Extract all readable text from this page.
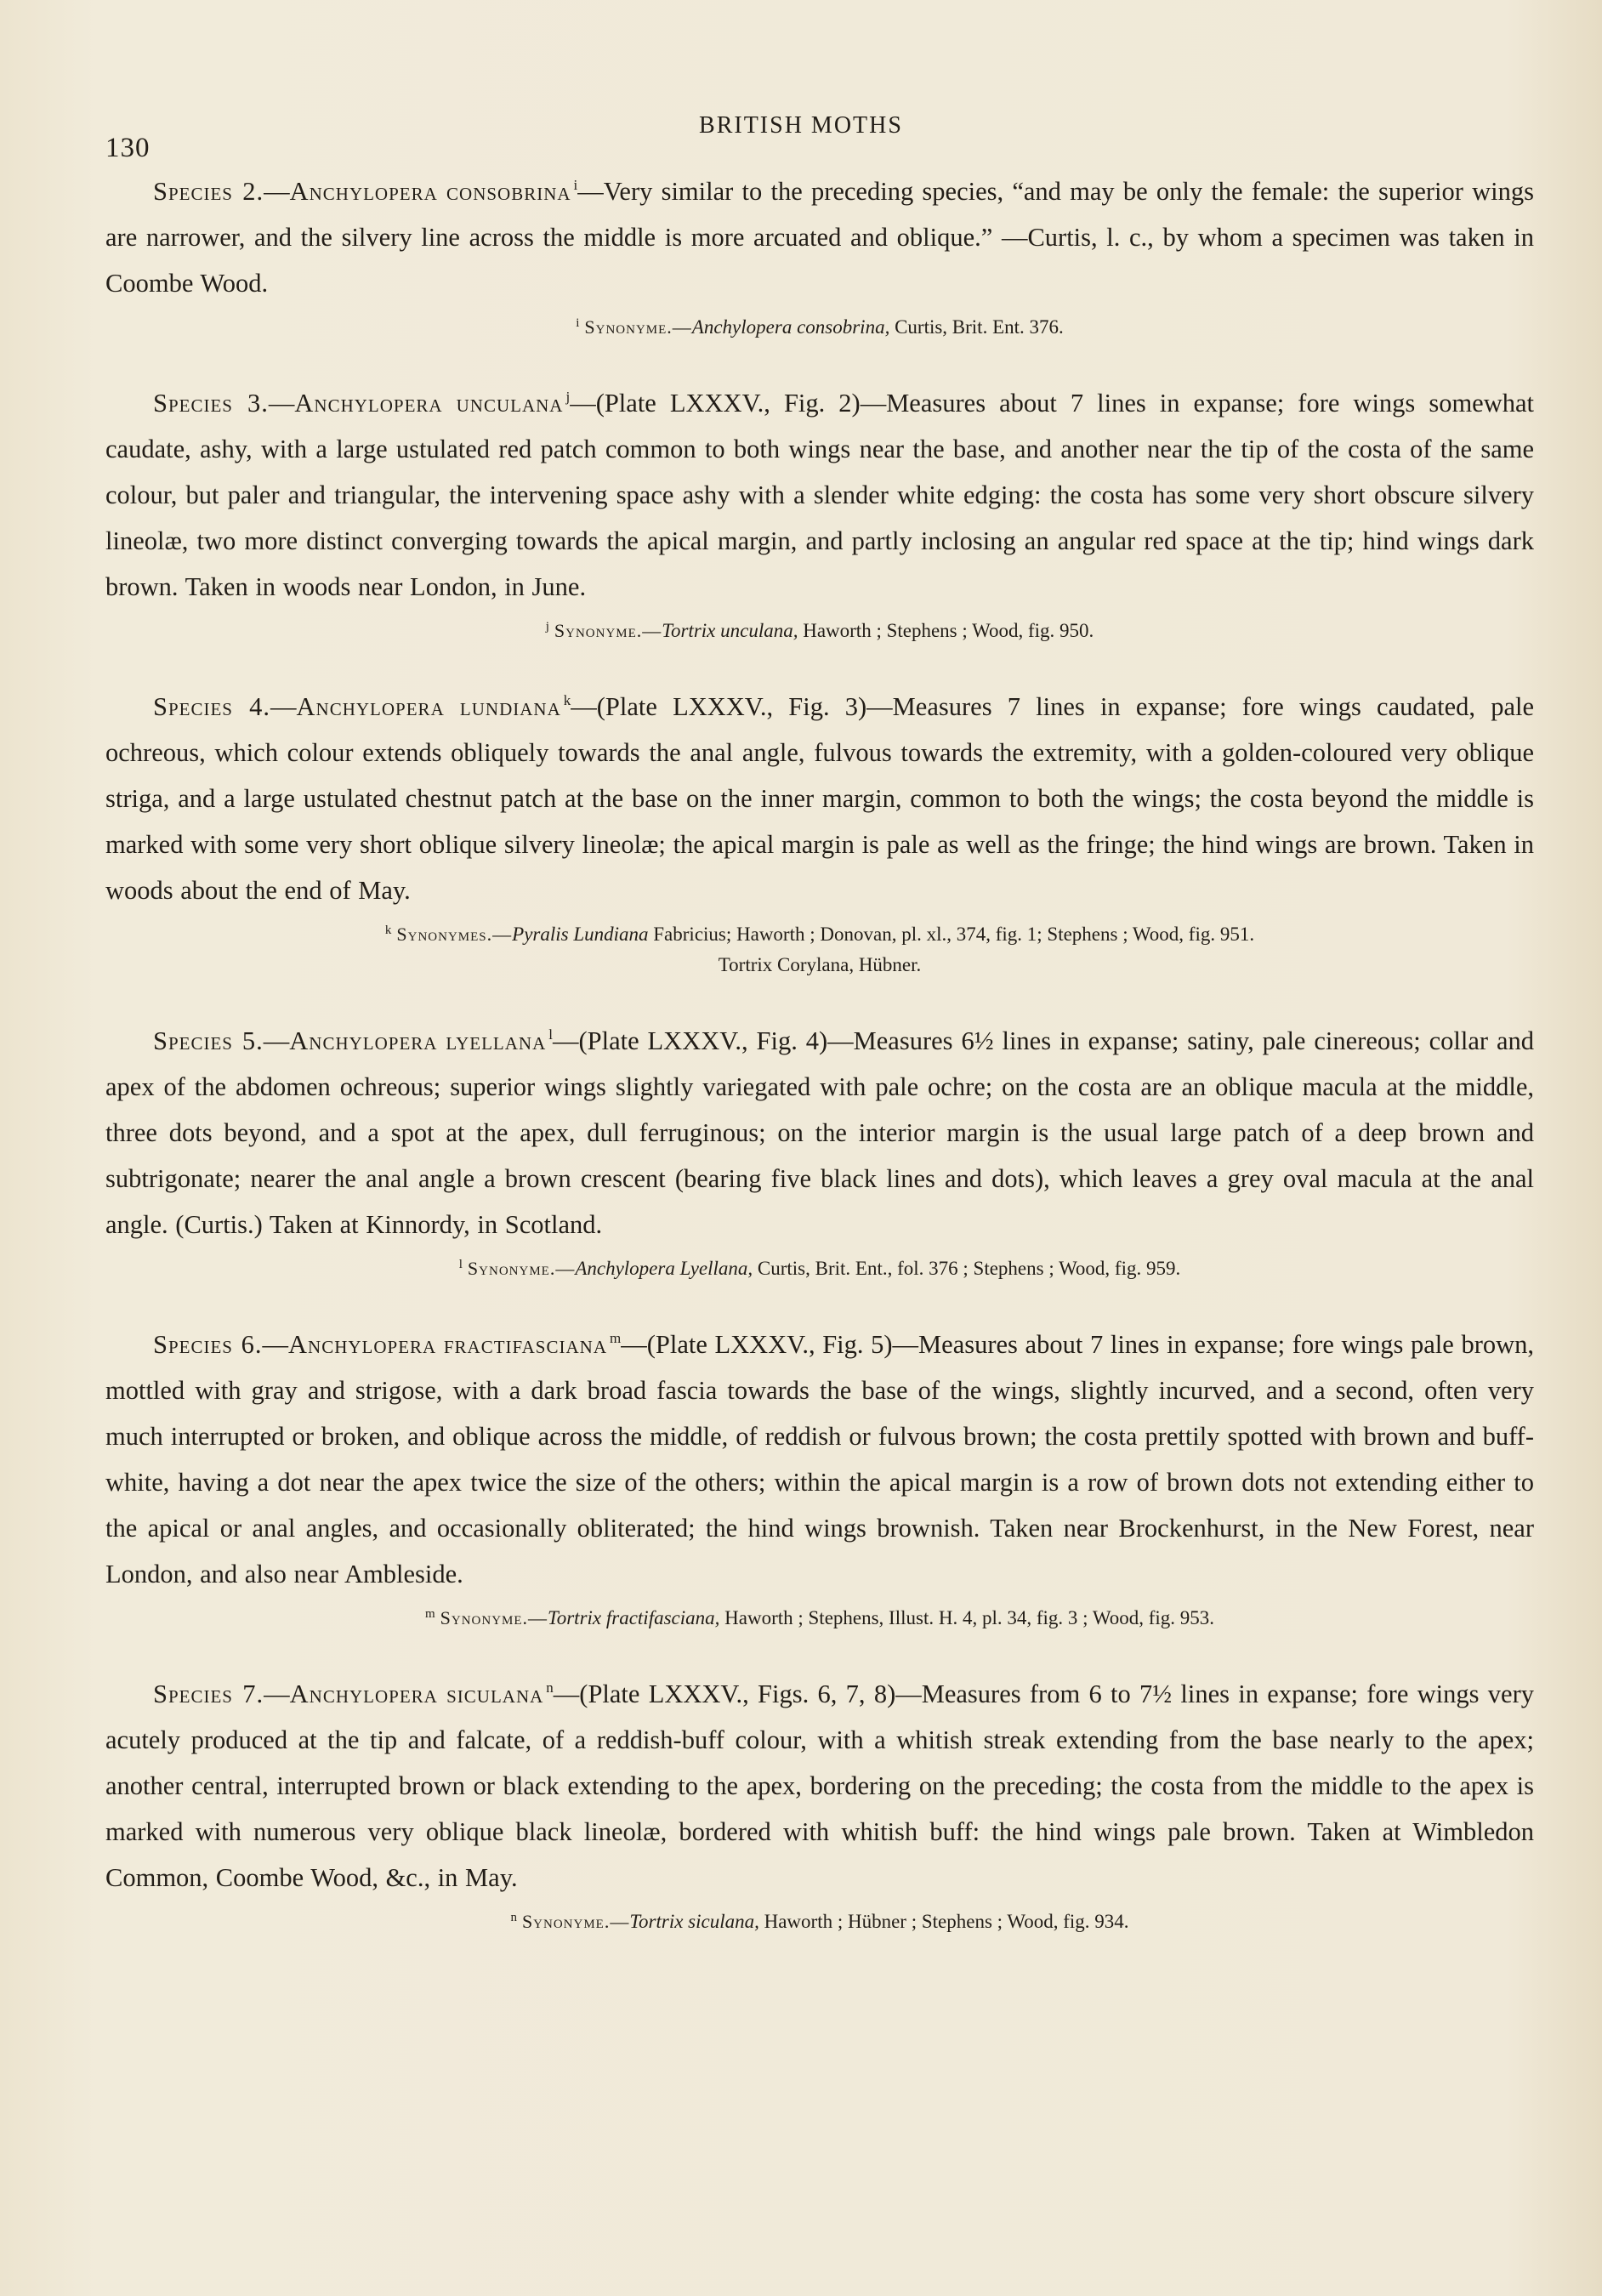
130
BRITISH MOTHS

Species 2.—Anchylopera consobrina $^i$—Very similar to the preceding species, “and may be only the female: the superior wings are narrower, and the silvery line across the middle is more arcuated and oblique.” —Curtis, l. c., by whom a specimen was taken in Coombe Wood.

$^i$ Synonyme.—Anchylopera consobrina, Curtis, Brit. Ent. 376.

Species 3.—Anchylopera unculana $^j$—(Plate LXXXV., Fig. 2)—Measures about 7 lines in expanse; fore wings somewhat caudate, ashy, with a large ustulated red patch common to both wings near the base, and another near the tip of the costa of the same colour, but paler and triangular, the intervening space ashy with a slender white edging: the costa has some very short obscure silvery lineolæ, two more distinct converging towards the apical margin, and partly inclosing an angular red space at the tip; hind wings dark brown. Taken in woods near London, in June.

$^j$ Synonyme.—Tortrix unculana, Haworth ; Stephens ; Wood, fig. 950.

Species 4.—Anchylopera lundiana $^k$—(Plate LXXXV., Fig. 3)—Measures 7 lines in expanse; fore wings caudated, pale ochreous, which colour extends obliquely towards the anal angle, fulvous towards the extremity, with a golden-coloured very oblique striga, and a large ustulated chestnut patch at the base on the inner margin, common to both the wings; the costa beyond the middle is marked with some very short oblique silvery lineolæ; the apical margin is pale as well as the fringe; the hind wings are brown. Taken in woods about the end of May.

$^k$ Synonymes.—Pyralis Lundiana Fabricius; Haworth ; Donovan, pl. xl., 374, fig. 1; Stephens ; Wood, fig. 951.
Tortrix Corylana, Hübner.

Species 5.—Anchylopera lyellana $^l$—(Plate LXXXV., Fig. 4)—Measures 6½ lines in expanse; satiny, pale cinereous; collar and apex of the abdomen ochreous; superior wings slightly variegated with pale ochre; on the costa are an oblique macula at the middle, three dots beyond, and a spot at the apex, dull ferruginous; on the interior margin is the usual large patch of a deep brown and subtrigonate; nearer the anal angle a brown crescent (bearing five black lines and dots), which leaves a grey oval macula at the anal angle. (Curtis.) Taken at Kinnordy, in Scotland.

$^l$ Synonyme.—Anchylopera Lyellana, Curtis, Brit. Ent., fol. 376 ; Stephens ; Wood, fig. 959.

Species 6.—Anchylopera fractifasciana $^m$—(Plate LXXXV., Fig. 5)—Measures about 7 lines in expanse; fore wings pale brown, mottled with gray and strigose, with a dark broad fascia towards the base of the wings, slightly incurved, and a second, often very much interrupted or broken, and oblique across the middle, of reddish or fulvous brown; the costa prettily spotted with brown and buff-white, having a dot near the apex twice the size of the others; within the apical margin is a row of brown dots not extending either to the apical or anal angles, and occasionally obliterated; the hind wings brownish. Taken near Brockenhurst, in the New Forest, near London, and also near Ambleside.

$^m$ Synonyme.—Tortrix fractifasciana, Haworth ; Stephens, Illust. H. 4, pl. 34, fig. 3 ; Wood, fig. 953.

Species 7.—Anchylopera siculana $^n$—(Plate LXXXV., Figs. 6, 7, 8)—Measures from 6 to 7½ lines in expanse; fore wings very acutely produced at the tip and falcate, of a reddish-buff colour, with a whitish streak extending from the base nearly to the apex; another central, interrupted brown or black extending to the apex, bordering on the preceding; the costa from the middle to the apex is marked with numerous very oblique black lineolæ, bordered with whitish buff: the hind wings pale brown. Taken at Wimbledon Common, Coombe Wood, &c., in May.

$^n$ Synonyme.—Tortrix siculana, Haworth ; Hübner ; Stephens ; Wood, fig. 934.
